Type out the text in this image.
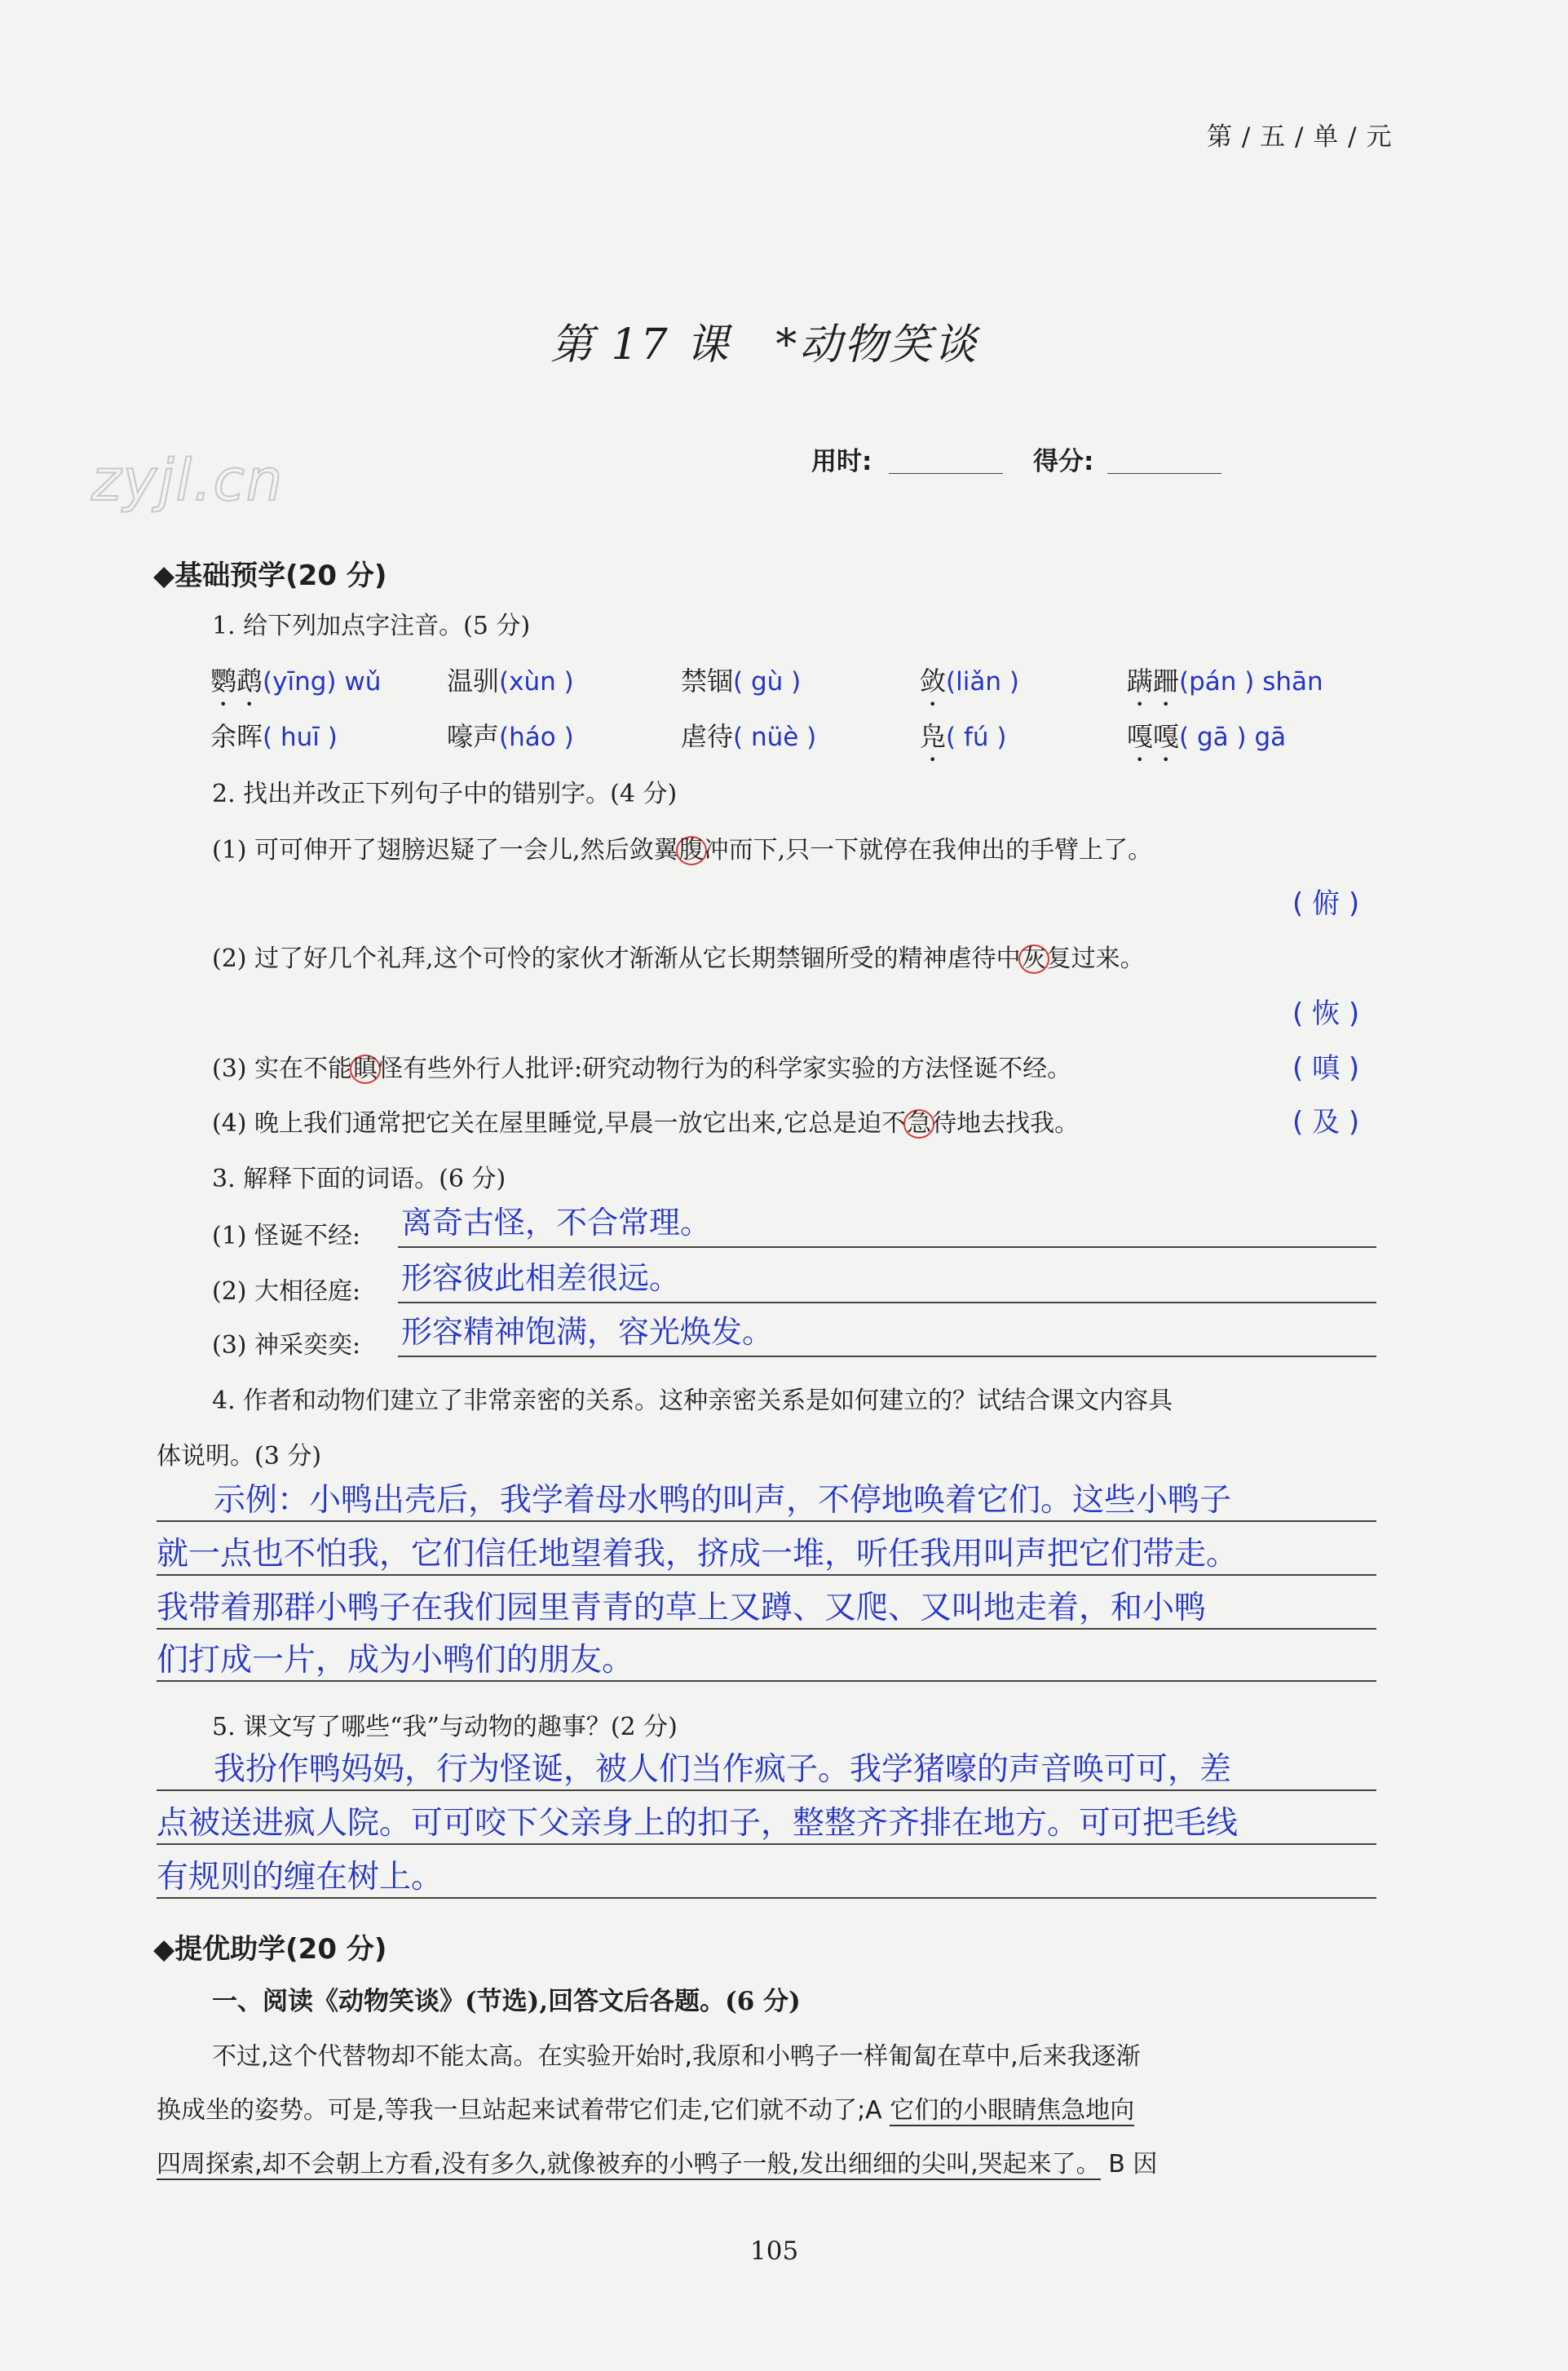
第 / 五 / 单 / 元
zyjl.cn
第 17 课　*动物笑谈
用时:	得分:
◆基础预学(20 分)
1. 给下列加点字注音。(5 分)
鹦鹉(yīng) wǔ	温驯(xùn )	禁锢( gù )	敛(liǎn )	蹒跚(pán ) shān
余晖( huī )	嚎声(háo )	虐待( nüè )	凫( fú )	嘎嘎( gā ) gā
2. 找出并改正下列句子中的错别字。(4 分)
(1) 可可伸开了翅膀迟疑了一会儿,然后敛翼腹冲而下,只一下就停在我伸出的手臂上了。
( 俯 )
(2) 过了好几个礼拜,这个可怜的家伙才渐渐从它长期禁锢所受的精神虐待中灰复过来。
( 恢 )
(3) 实在不能瞋怪有些外行人批评:研究动物行为的科学家实验的方法怪诞不经。	( 嗔 )
(4) 晚上我们通常把它关在屋里睡觉,早晨一放它出来,它总是迫不急待地去找我。	( 及 )
3. 解释下面的词语。(6 分)
(1) 怪诞不经: 离奇古怪，不合常理。
(2) 大相径庭: 形容彼此相差很远。
(3) 神采奕奕: 形容精神饱满，容光焕发。
4. 作者和动物们建立了非常亲密的关系。这种亲密关系是如何建立的？试结合课文内容具
体说明。(3 分)
示例：小鸭出壳后，我学着母水鸭的叫声，不停地唤着它们。这些小鸭子
就一点也不怕我，它们信任地望着我，挤成一堆，听任我用叫声把它们带走。
我带着那群小鸭子在我们园里青青的草上又蹲、又爬、又叫地走着，和小鸭
们打成一片，成为小鸭们的朋友。
5. 课文写了哪些“我”与动物的趣事？(2 分)
我扮作鸭妈妈，行为怪诞，被人们当作疯子。我学猪嚎的声音唤可可，差
点被送进疯人院。可可咬下父亲身上的扣子，整整齐齐排在地方。可可把毛线
有规则的缠在树上。
◆提优助学(20 分)
一、阅读《动物笑谈》(节选),回答文后各题。(6 分)
不过,这个代替物却不能太高。在实验开始时,我原和小鸭子一样匍匐在草中,后来我逐渐
换成坐的姿势。可是,等我一旦站起来试着带它们走,它们就不动了;A 它们的小眼睛焦急地向
四周探索,却不会朝上方看,没有多久,就像被弃的小鸭子一般,发出细细的尖叫,哭起来了。 B 因
105
